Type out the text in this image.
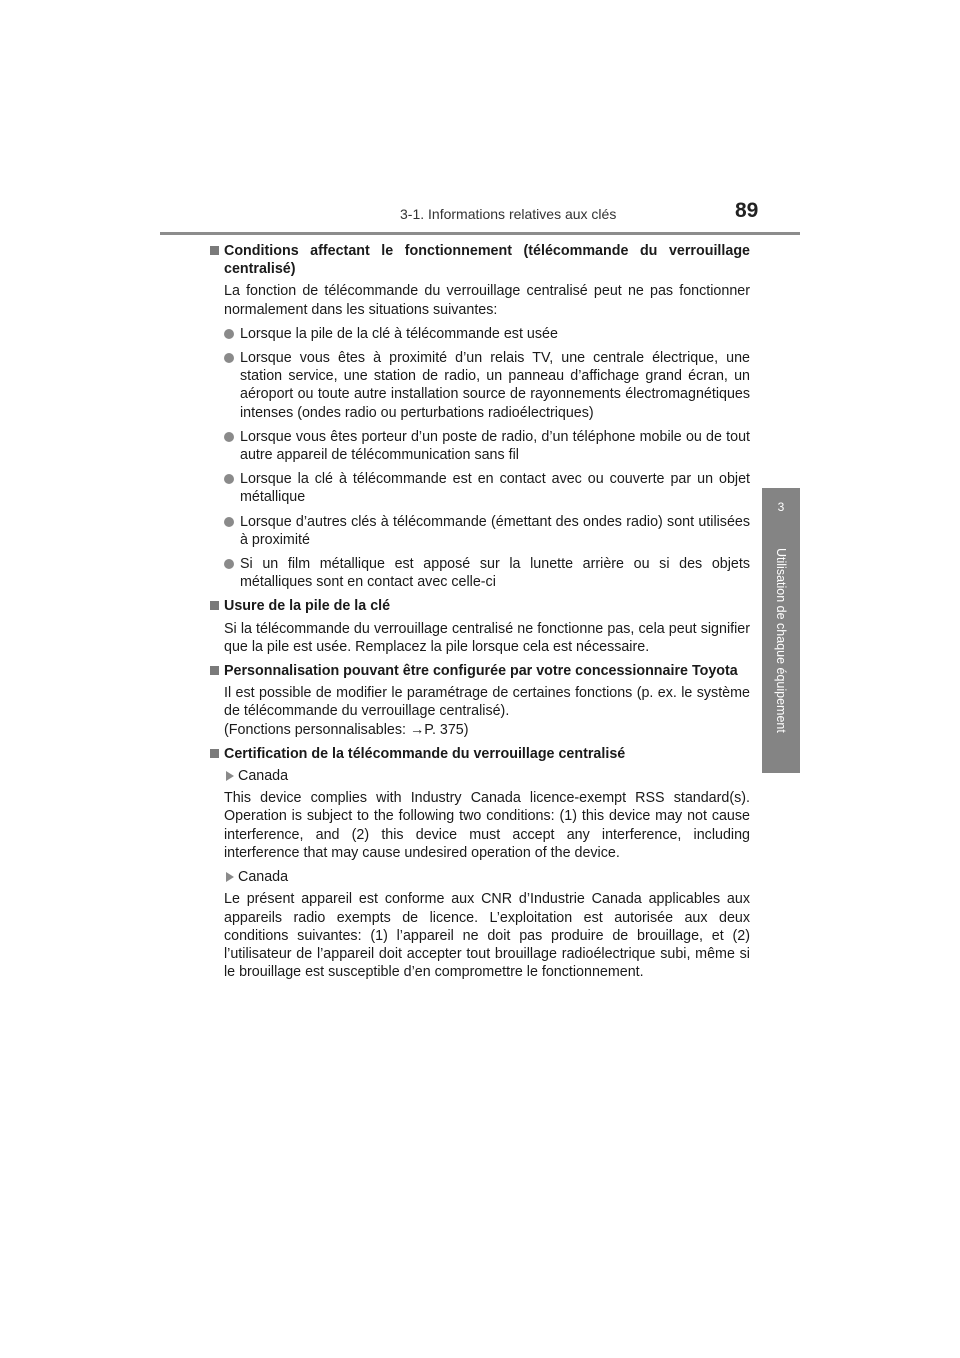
3-1. Informations relatives aux clés	89
3
Utilisation de chaque équipement
Conditions affectant le fonctionnement (télécommande du verrouillage centralisé)
La fonction de télécommande du verrouillage centralisé peut ne pas fonctionner normalement dans les situations suivantes:
Lorsque la pile de la clé à télécommande est usée
Lorsque vous êtes à proximité d’un relais TV, une centrale électrique, une station service, une station de radio, un panneau d’affichage grand écran, un aéroport ou toute autre installation source de rayonnements électromagnétiques intenses (ondes radio ou perturbations radioélectriques)
Lorsque vous êtes porteur d’un poste de radio, d’un téléphone mobile ou de tout autre appareil de télécommunication sans fil
Lorsque la clé à télécommande est en contact avec ou couverte par un objet métallique
Lorsque d’autres clés à télécommande (émettant des ondes radio) sont utilisées à proximité
Si un film métallique est apposé sur la lunette arrière ou si des objets métalliques sont en contact avec celle-ci
Usure de la pile de la clé
Si la télécommande du verrouillage centralisé ne fonctionne pas, cela peut signifier que la pile est usée. Remplacez la pile lorsque cela est nécessaire.
Personnalisation pouvant être configurée par votre concessionnaire Toyota
Il est possible de modifier le paramétrage de certaines fonctions (p. ex. le système de télécommande du verrouillage centralisé).
(Fonctions personnalisables: →P. 375)
Certification de la télécommande du verrouillage centralisé
Canada
This device complies with Industry Canada licence-exempt RSS standard(s). Operation is subject to the following two conditions: (1) this device may not cause interference, and (2) this device must accept any interference, including interference that may cause undesired operation of the device.
Canada
Le présent appareil est conforme aux CNR d’Industrie Canada applicables aux appareils radio exempts de licence. L’exploitation est autorisée aux deux conditions suivantes: (1) l’appareil ne doit pas produire de brouillage, et (2) l’utilisateur de l’appareil doit accepter tout brouillage radioélectrique subi, même si le brouillage est susceptible d’en compromettre le fonctionnement.
